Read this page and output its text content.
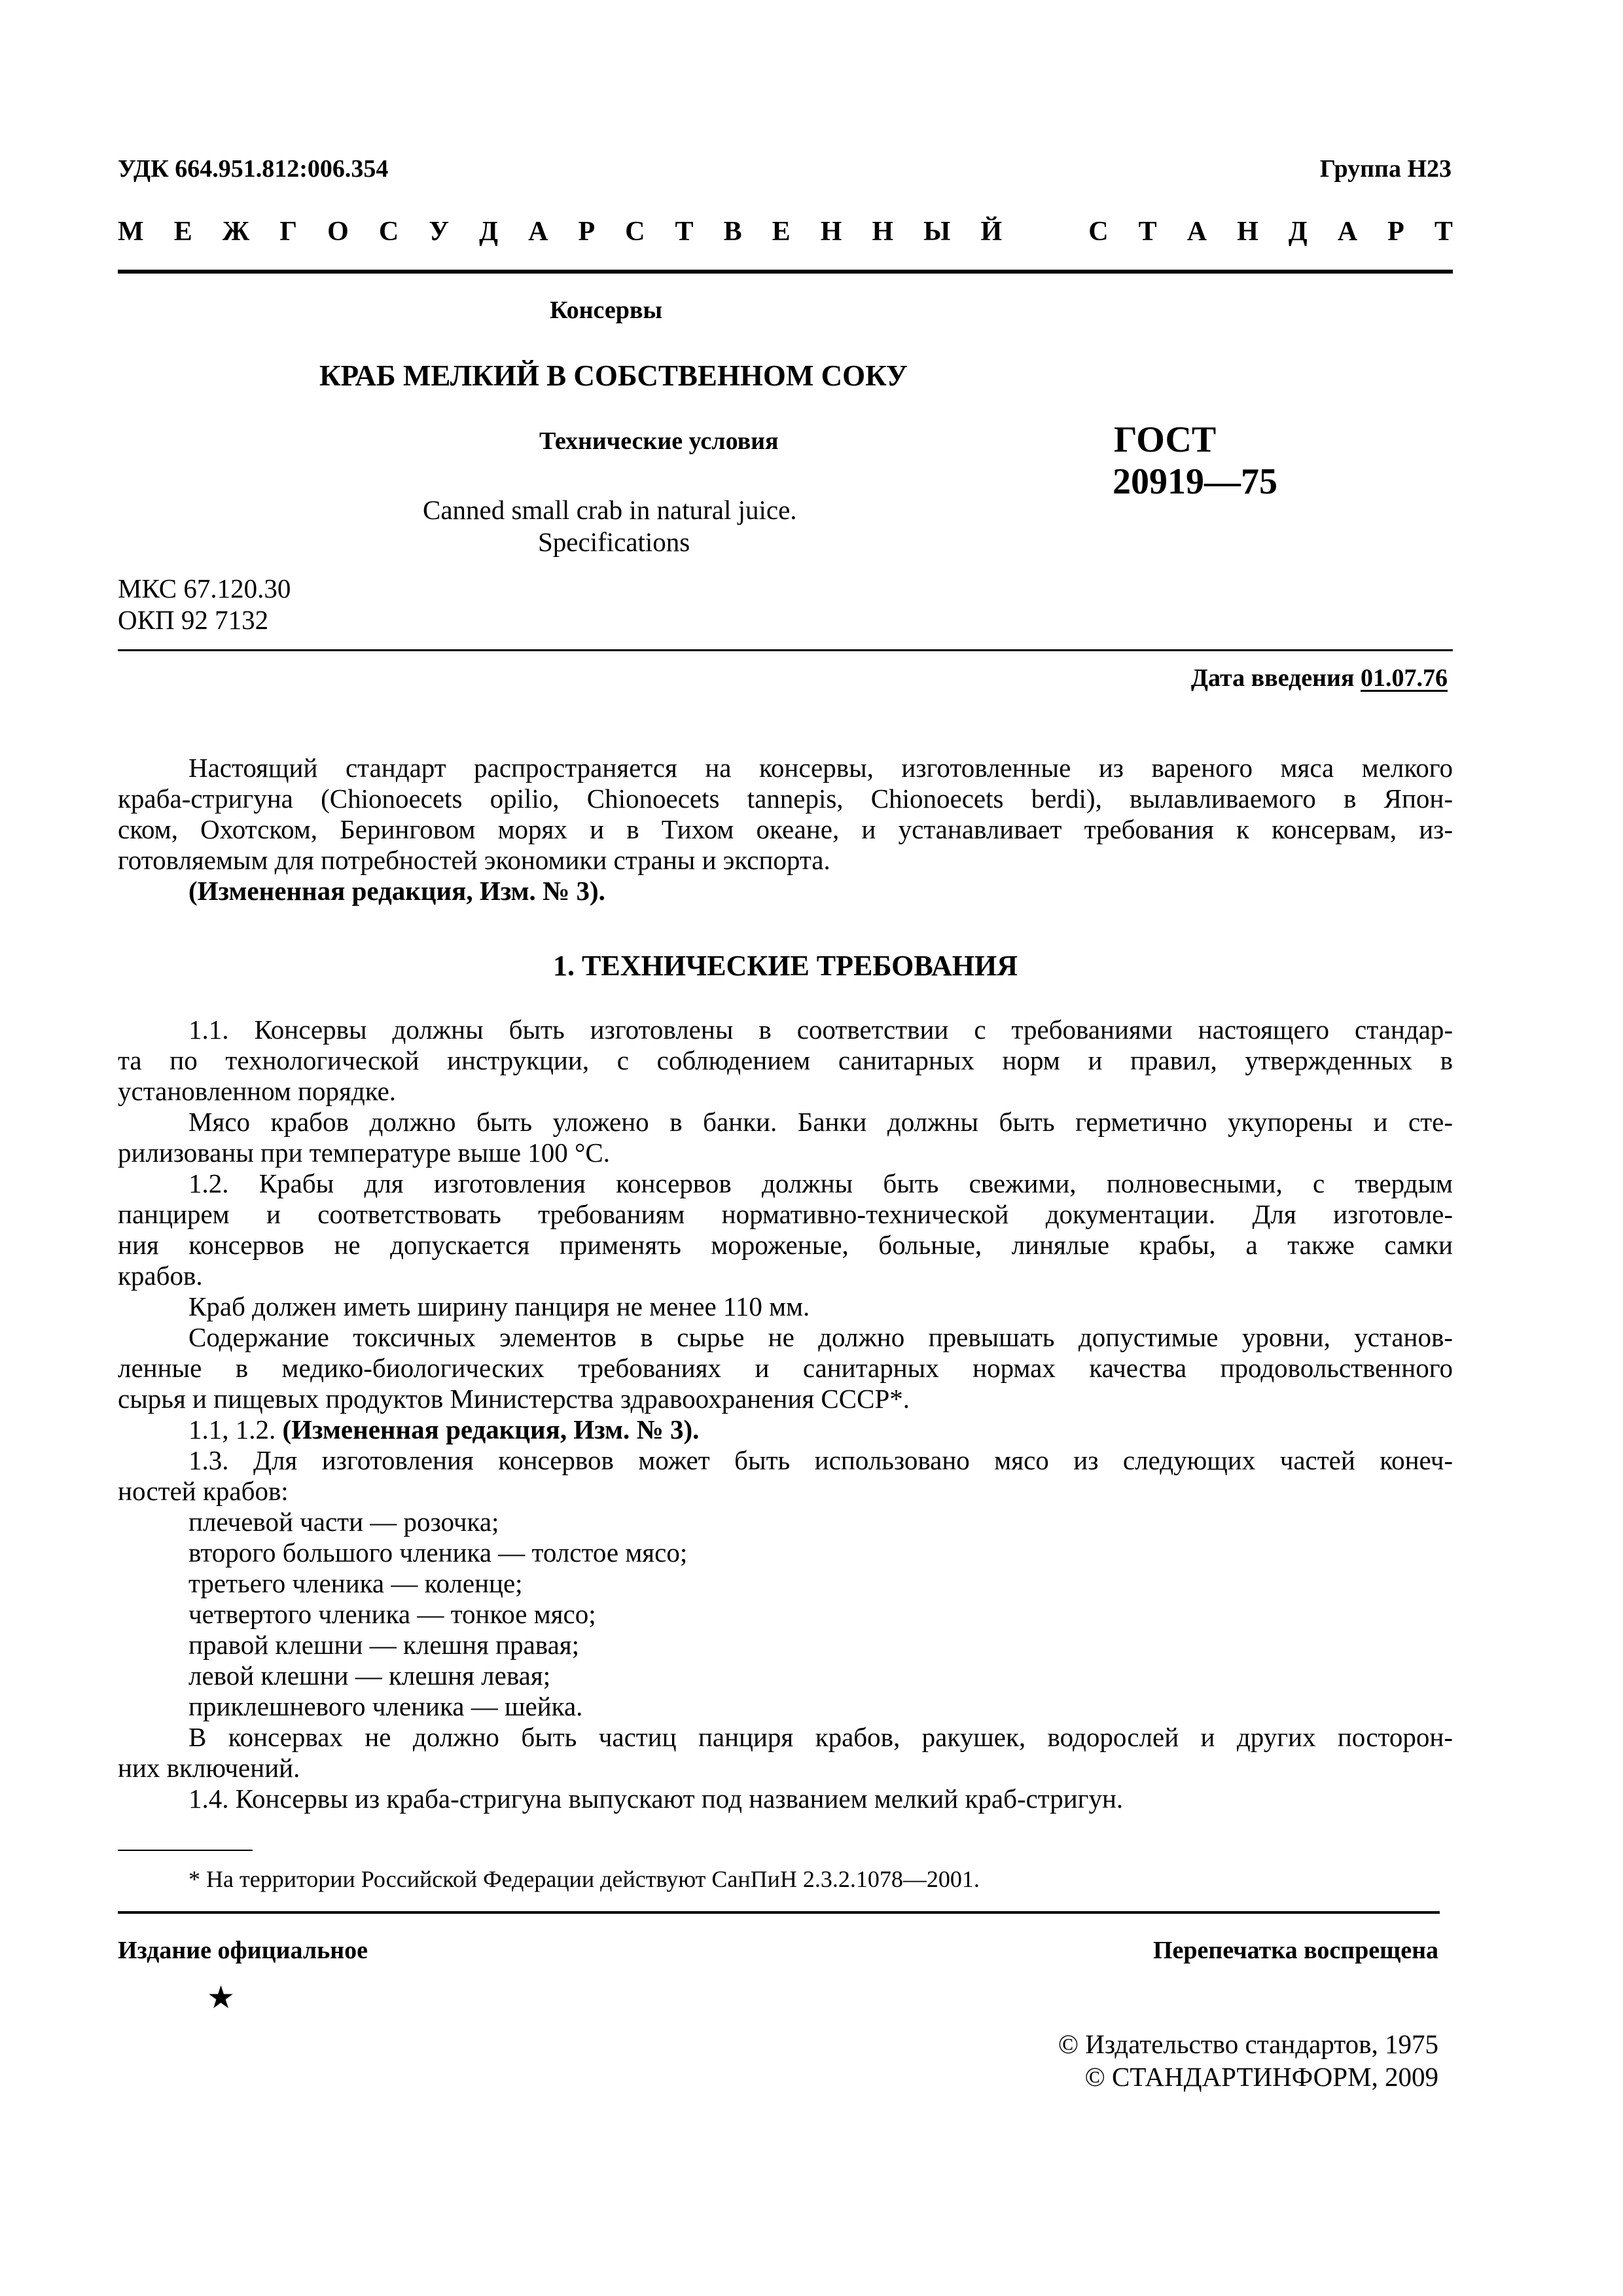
УДК 664.951.812:006.354	Группа Н23
М Е Ж Г О С У Д А Р С Т В Е Н Н Ы Й	С Т А Н Д А Р Т
Консервы
КРАБ МЕЛКИЙ В СОБСТВЕННОМ СОКУ
Технические условия	ГОСТ
20919—75
Canned small crab in natural juice.
Specifications
МКС 67.120.30
ОКП 92 7132
Дата введения 01.07.76
Настоящий стандарт распространяется на консервы, изготовленные из вареного мяса мелкого
краба-стригуна (Chionoecets opilio, Chionoecets tannepis, Chionoecets berdi), вылавливаемого в Япон-
ском, Охотском, Беринговом морях и в Тихом океане, и устанавливает требования к консервам, из-
готовляемым для потребностей экономики страны и экспорта.
(Измененная редакция, Изм. № 3).
1. ТЕХНИЧЕСКИЕ ТРЕБОВАНИЯ
1.1. Консервы должны быть изготовлены в соответствии с требованиями настоящего стандар-
та по технологической инструкции, с соблюдением санитарных норм и правил, утвержденных в
установленном порядке.
Мясо крабов должно быть уложено в банки. Банки должны быть герметично укупорены и сте-
рилизованы при температуре выше 100 °С.
1.2. Крабы для изготовления консервов должны быть свежими, полновесными, с твердым
панцирем и соответствовать требованиям нормативно-технической документации. Для изготовле-
ния консервов не допускается применять мороженые, больные, линялые крабы, а также самки
крабов.
Краб должен иметь ширину панциря не менее 110 мм.
Содержание токсичных элементов в сырье не должно превышать допустимые уровни, установ-
ленные в медико-биологических требованиях и санитарных нормах качества продовольственного
сырья и пищевых продуктов Министерства здравоохранения СССР*.
1.1, 1.2. (Измененная редакция, Изм. № 3).
1.3. Для изготовления консервов может быть использовано мясо из следующих частей конеч-
ностей крабов:
плечевой части — розочка;
второго большого членика — толстое мясо;
третьего членика — коленце;
четвертого членика — тонкое мясо;
правой клешни — клешня правая;
левой клешни — клешня левая;
приклешневого членика — шейка.
В консервах не должно быть частиц панциря крабов, ракушек, водорослей и других посторон-
них включений.
1.4. Консервы из краба-стригуна выпускают под названием мелкий краб-стригун.
* На территории Российской Федерации действуют СанПиН 2.3.2.1078—2001.
Издание официальное	Перепечатка воспрещена
★
© Издательство стандартов, 1975
© СТАНДАРТИНФОРМ, 2009
